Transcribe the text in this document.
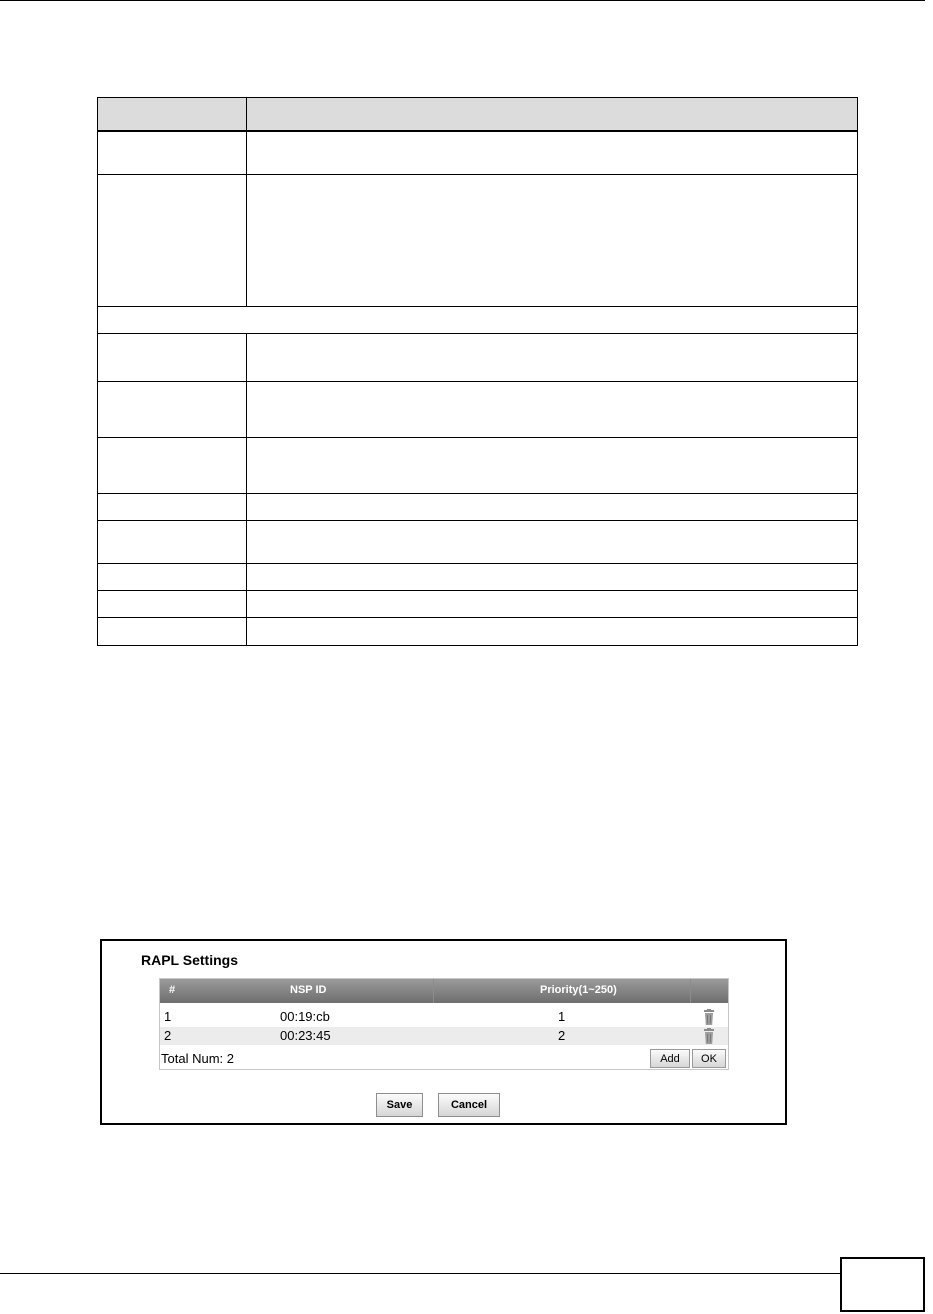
RAPL Settings
#	NSP ID	Priority(1~250)
1	00:19:cb	1
2	00:23:45	2
Total Num: 2	Add	OK
Save	Cancel
